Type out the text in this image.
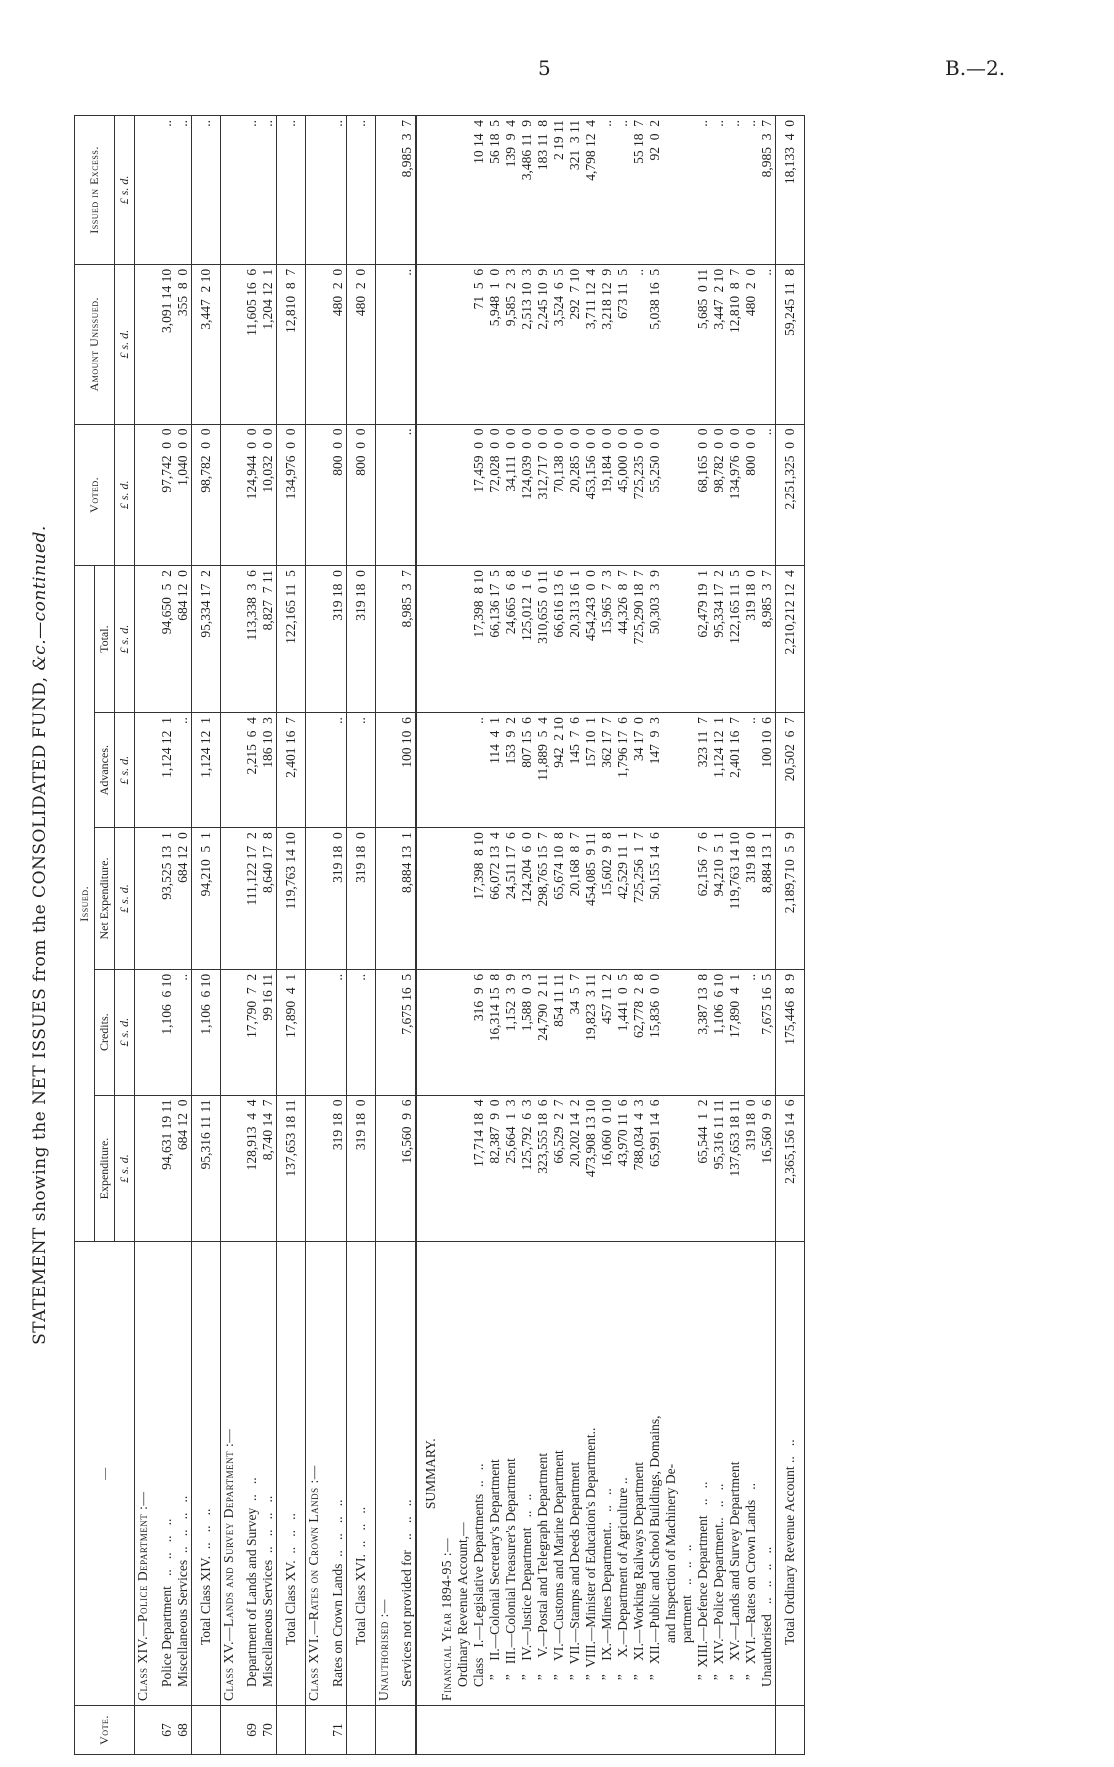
5	B.—2.
STATEMENT showing the NET ISSUES from the CONSOLIDATED FUND, &c.—continued.
Vote.	—	Issued.					Voted.	Amount Unissued.	Issued in Excess.
		Expenditure.	Credits.	Net Expenditure.	Advances.	Total.			
		£ s. d.	£ s. d.	£ s. d.	£ s. d.	£ s. d.	£ s. d.	£ s. d.	£ s. d.
	Class XIV.—Police Department :—								
67	Police Department   ..   ..   ..   ..	94,631 19 11	1,106  6 10	93,525 13  1	1,124 12  1	94,650  5  2	97,742  0  0	3,091 14 10	..
68	Miscellaneous Services  ..   ..   ..   ..	684 12  0	..	684 12  0	..	684 12  0	1,040  0  0	355  8  0	..
	Total Class XIV.  ..   ..   ..	95,316 11 11	1,106  6 10	94,210  5  1	1,124 12  1	95,334 17  2	98,782  0  0	3,447  2 10	..
	Class XV.—Lands and Survey Department :—								
69	Department of Lands and Survey  ..   ..	128,913  4  4	17,790  7  2	111,122 17  2	2,215  6  4	113,338  3  6	124,944  0  0	11,605 16  6	..
70	Miscellaneous Services  ..   ..   ..   ..	8,740 14  7	99 16 11	8,640 17  8	186 10  3	8,827  7 11	10,032  0  0	1,204 12  1	..
	Total Class XV.  ..   ..   ..	137,653 18 11	17,890  4  1	119,763 14 10	2,401 16  7	122,165 11  5	134,976  0  0	12,810  8  7	..
	Class XVI.—Rates on Crown Lands :—								
71	Rates on Crown Lands  ..   ..   ..   ..	319 18  0	..	319 18  0	..	319 18  0	800  0  0	480  2  0	..
	Total Class XVI.  ..   ..   ..	319 18  0	..	319 18  0	..	319 18  0	800  0  0	480  2  0	..
	Unauthorised :—								
	Services not provided for   ..   ..   ..	16,560  9  6	7,675 16  5	8,884 13  1	100 10  6	8,985  3  7	..	..	8,985  3  7
	SUMMARY.								
	Financial Year 1894-95 :—								
	Ordinary Revenue Account,—								
	Class   I.—Legislative Departments  ..   ..	17,714 18  4	316  9  6	17,398  8 10	..	17,398  8 10	17,459  0  0	71  5  6	10 14  4
	”    II.—Colonial Secretary's Department	82,387  9  0	16,314 15  8	66,072 13  4	114  4  1	66,136 17  5	72,028  0  0	5,948  1  0	56 18  5
	”   III.—Colonial Treasurer's Department	25,664  1  3	1,152  3  9	24,511 17  6	153  9  2	24,665  6  8	34,111  0  0	9,585  2  3	139  9  4
	”    IV.—Justice Department   ..   ..	125,792  6  3	1,588  0  3	124,204  6  0	807 15  6	125,012  1  6	124,039  0  0	2,513 10  3	3,486 11  9
	”     V.—Postal and Telegraph Department	323,555 18  6	24,790  2 11	298,765 15  7	11,889  5  4	310,655  0 11	312,717  0  0	2,245 10  9	183 11  8
	”    VI.—Customs and Marine Department	66,529  2  7	854 11 11	65,674 10  8	942  2 10	66,616 13  6	70,138  0  0	3,524  6  5	2 19 11
	”   VII.—Stamps and Deeds Department	20,202 14  2	34  5  7	20,168  8  7	145  7  6	20,313 16  1	20,285  0  0	292  7 10	321  3 11
	”  VIII.—Minister of Education's Department..	473,908 13 10	19,823  3 11	454,085  9 11	157 10  1	454,243  0  0	453,156  0  0	3,711 12  4	4,798 12  4
	”    IX.—Mines Department..   ..   ..	16,060  0 10	457 11  2	15,602  9  8	362 17  7	15,965  7  3	19,184  0  0	3,218 12  9	..
	”     X.—Department of Agriculture ..	43,970 11  6	1,441  0  5	42,529 11  1	1,796 17  6	44,326  8  7	45,000  0  0	673 11  5	..
	”    XI.—Working Railways Department	788,034  4  3	62,778  2  8	725,256  1  7	34 17  0	725,290 18  7	725,235  0  0	..	55 18  7
	”   XII.—Public and School Buildings, Domains,
and Inspection of Machinery De-
partment   ..   ..   ..	65,991 14  6	15,836  0  0	50,155 14  6	147  9  3	50,303  3  9	55,250  0  0	5,038 16  5	92  0  2
	”  XIII.—Defence Department   ..   ..	65,544  1  2	3,387 13  8	62,156  7  6	323 11  7	62,479 19  1	68,165  0  0	5,685  0 11	..
	”   XIV.—Police Department..   ..   ..	95,316 11 11	1,106  6 10	94,210  5  1	1,124 12  1	95,334 17  2	98,782  0  0	3,447  2 10	..
	”    XV.—Lands and Survey Department	137,653 18 11	17,890  4  1	119,763 14 10	2,401 16  7	122,165 11  5	134,976  0  0	12,810  8  7	..
	”   XVI.—Rates on Crown Lands   ..	319 18  0	..	319 18  0	..	319 18  0	800  0  0	480  2  0	..
	Unauthorised   ..   ..   ..   ..	16,560  9  6	7,675 16  5	8,884 13  1	100 10  6	8,985  3  7	..	..	8,985  3  7
	Total Ordinary Revenue Account ..   ..	2,365,156 14  6	175,446  8  9	2,189,710  5  9	20,502  6  7	2,210,212 12  4	2,251,325  0  0	59,245 11  8	18,133  4  0
